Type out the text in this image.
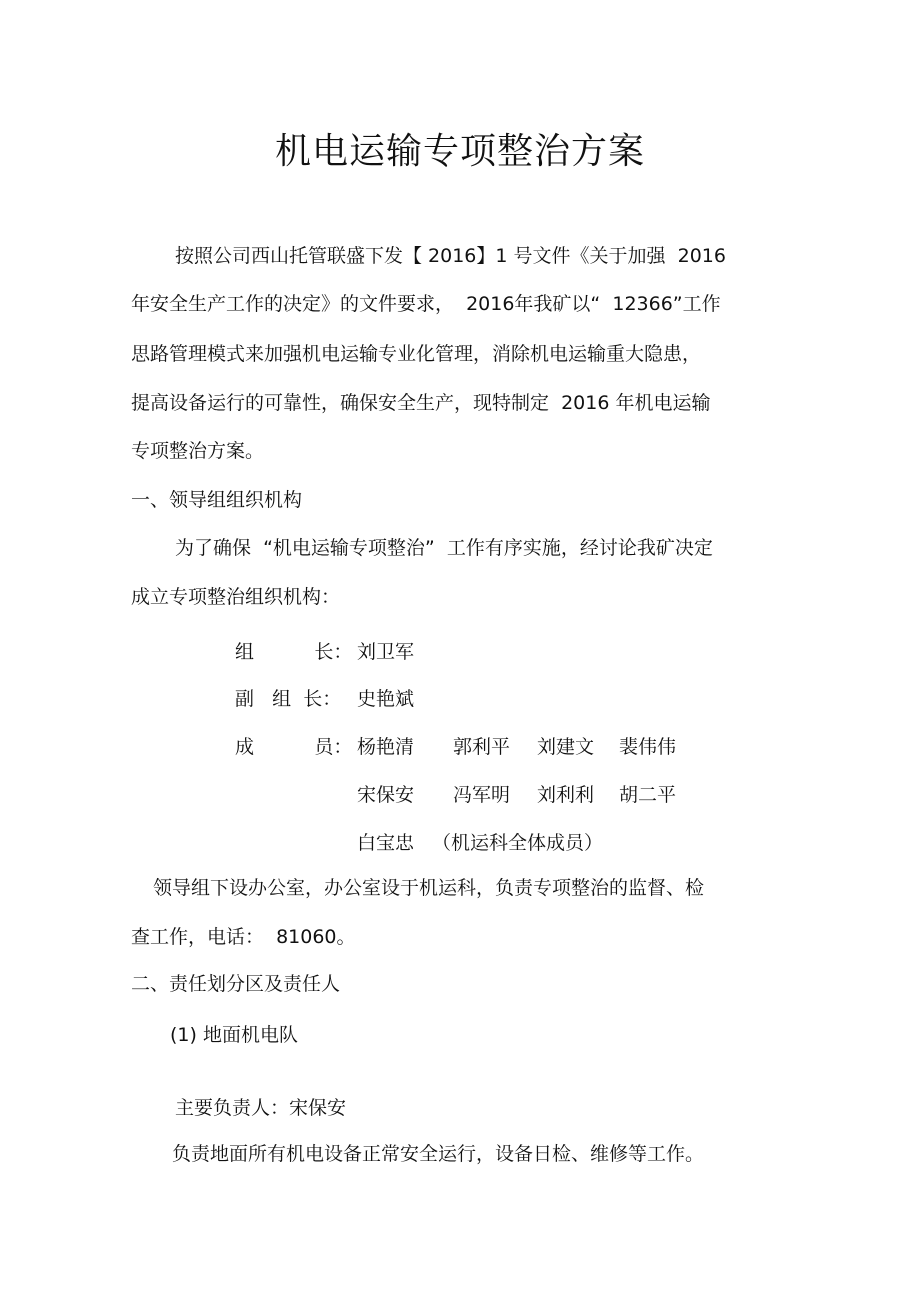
机电运输专项整治方案
按照公司西山托管联盛下发【 2016】1 号文件《关于加强  2016
年安全生产工作的决定》的文件要求，  2016年我矿以“  12366”工作
思路管理模式来加强机电运输专业化管理，消除机电运输重大隐患，
提高设备运行的可靠性，确保安全生产，现特制定  2016 年机电运输
专项整治方案。
一、领导组组织机构
为了确保  “机电运输专项整治”  工作有序实施，经讨论我矿决定
成立专项整治组织机构：
组          长： 刘卫军
副   组  长： 史艳斌
成          员： 杨艳清 郭利平 刘建文 裴伟伟
宋保安 冯军明 刘利利 胡二平
白宝忠 （机运科全体成员）
领导组下设办公室，办公室设于机运科，负责专项整治的监督、检
查工作，电话：  81060。
二、责任划分区及责任人
(1) 地面机电队
主要负责人：宋保安
负责地面所有机电设备正常安全运行，设备日检、维修等工作。
